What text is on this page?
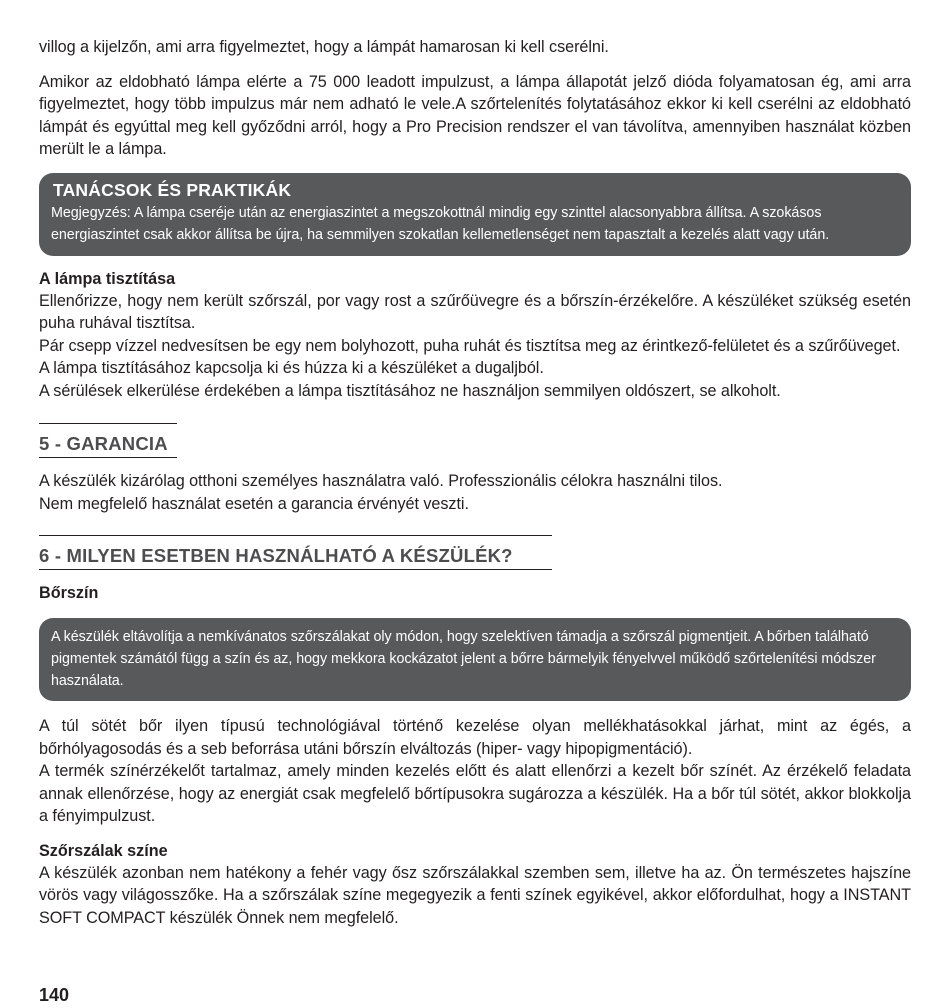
villog a kijelzőn, ami arra figyelmeztet, hogy a lámpát hamarosan ki kell cserélni.

Amikor az eldobható lámpa elérte a 75 000 leadott impulzust, a lámpa állapotát jelző dióda folyamatosan ég, ami arra figyelmeztet, hogy több impulzus már nem adható le vele.A szőrtelenítés folytatásához ekkor ki kell cserélni az eldobható lámpát és egyúttal meg kell győződni arról, hogy a Pro Precision rendszer el van távolítva, amennyiben használat közben merült le a lámpa.

TANÁCSOK ÉS PRAKTIKÁK

Megjegyzés: A lámpa cseréje után az energiaszintet a megszokottnál mindig egy szinttel alacsonyabbra állítsa. A szokásos energiaszintet csak akkor állítsa be újra, ha semmilyen szokatlan kellemetlenséget nem tapasztalt a kezelés alatt vagy után.

A lámpa tisztítása

Ellenőrizze, hogy nem került szőrszál, por vagy rost a szűrőüvegre és a bőrszín-érzékelőre. A készüléket szükség esetén puha ruhával tisztítsa.

Pár csepp vízzel nedvesítsen be egy nem bolyhozott, puha ruhát és tisztítsa meg az érintkező-felületet és a szűrőüveget.

A lámpa tisztításához kapcsolja ki és húzza ki a készüléket a dugaljból.

A sérülések elkerülése érdekében a lámpa tisztításához ne használjon semmilyen oldószert, se alkoholt.

5 - GARANCIA

A készülék kizárólag otthoni személyes használatra való. Professzionális célokra használni tilos.

Nem megfelelő használat esetén a garancia érvényét veszti.

6 - MILYEN ESETBEN HASZNÁLHATÓ A KÉSZÜLÉK?
Bőrszín

A készülék eltávolítja a nemkívánatos szőrszálakat oly módon, hogy szelektíven támadja a szőrszál pigmentjeit. A bőrben található pigmentek számától függ a szín és az, hogy mekkora kockázatot jelent a bőrre bármelyik fényelvvel működő szőrtelenítési módszer használata.

A túl sötét bőr ilyen típusú technológiával történő kezelése olyan mellékhatásokkal járhat, mint az égés, a bőrhólyagosodás és a seb beforrása utáni bőrszín elváltozás (hiper- vagy hipopigmentáció).

A termék színérzékelőt tartalmaz, amely minden kezelés előtt és alatt ellenőrzi a kezelt bőr színét. Az érzékelő feladata annak ellenőrzése, hogy az energiát csak megfelelő bőrtípusokra sugározza a készülék. Ha a bőr túl sötét, akkor blokkolja a fényimpulzust.

Szőrszálak színe

A készülék azonban nem hatékony a fehér vagy ősz szőrszálakkal szemben sem, illetve ha az. Ön természetes hajszíne vörös vagy világosszőke. Ha a szőrszálak színe megegyezik a fenti színek egyikével, akkor előfordulhat, hogy a INSTANT SOFT COMPACT készülék Önnek nem megfelelő.

140
